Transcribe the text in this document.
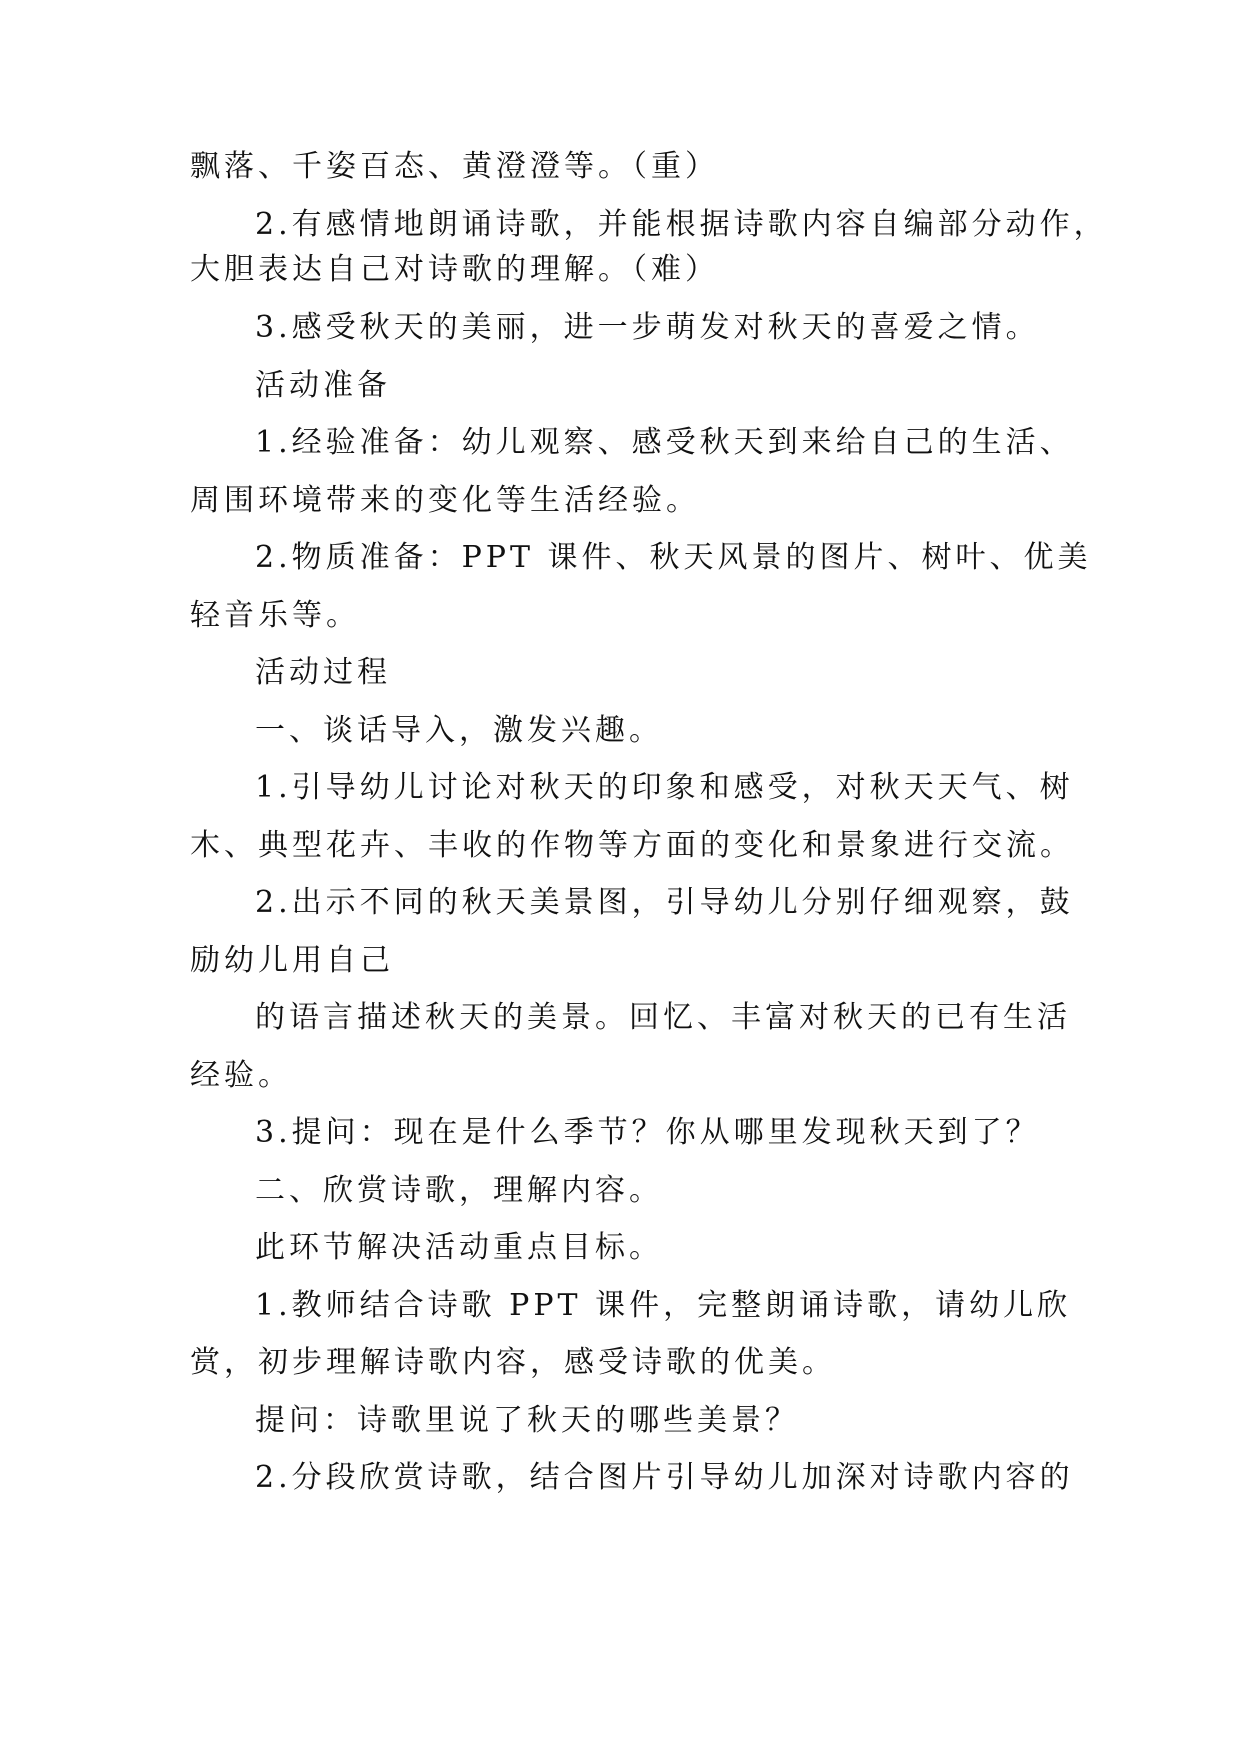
飘落、千姿百态、黄澄澄等。（重）
2.有感情地朗诵诗歌，并能根据诗歌内容自编部分动作，
大胆表达自己对诗歌的理解。（难）
3.感受秋天的美丽，进一步萌发对秋天的喜爱之情。
活动准备
1.经验准备：幼儿观察、感受秋天到来给自己的生活、
周围环境带来的变化等生活经验。
2.物质准备：PPT 课件、秋天风景的图片、树叶、优美
轻音乐等。
活动过程
一、谈话导入，激发兴趣。
1.引导幼儿讨论对秋天的印象和感受，对秋天天气、树
木、典型花卉、丰收的作物等方面的变化和景象进行交流。
2.出示不同的秋天美景图，引导幼儿分别仔细观察，鼓
励幼儿用自己
的语言描述秋天的美景。回忆、丰富对秋天的已有生活
经验。
3.提问：现在是什么季节？你从哪里发现秋天到了？
二、欣赏诗歌，理解内容。
此环节解决活动重点目标。
1.教师结合诗歌 PPT 课件，完整朗诵诗歌，请幼儿欣
赏，初步理解诗歌内容，感受诗歌的优美。
提问：诗歌里说了秋天的哪些美景？
2.分段欣赏诗歌，结合图片引导幼儿加深对诗歌内容的
